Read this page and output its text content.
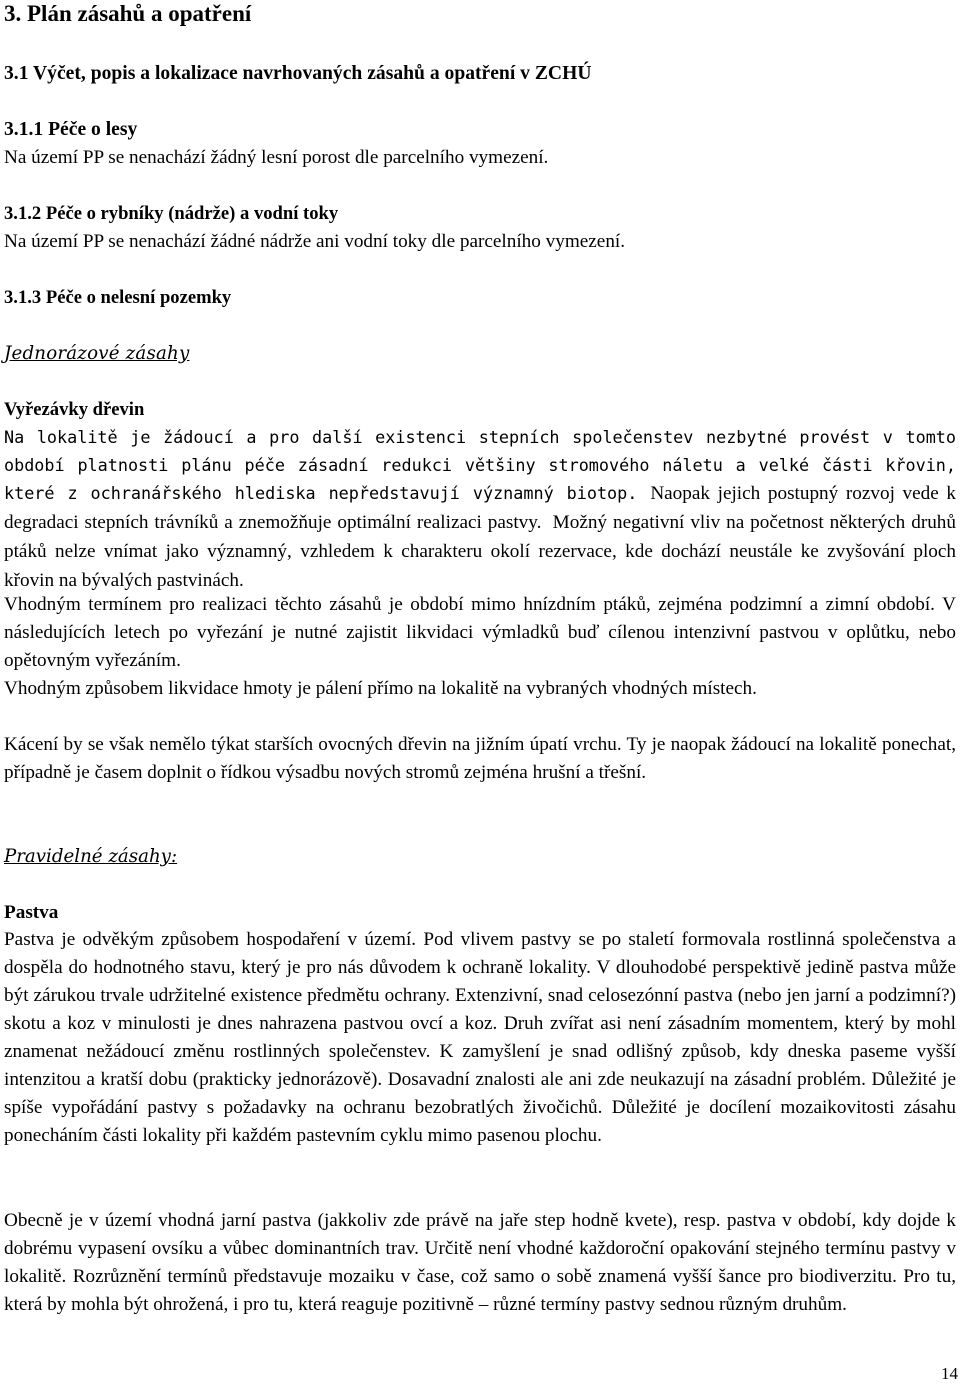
3. Plán zásahů a opatření
3.1 Výčet, popis a lokalizace navrhovaných zásahů a opatření v ZCHÚ
3.1.1 Péče o lesy
Na území PP se nenachází žádný lesní porost dle parcelního vymezení.
3.1.2 Péče o rybníky (nádrže) a vodní toky
Na území PP se nenachází žádné nádrže ani vodní toky dle parcelního vymezení.
3.1.3 Péče o nelesní pozemky
Jednorázové zásahy
Vyřezávky dřevin
Na lokalitě je žádoucí a pro další existenci stepních společenstev nezbytné provést v tomto období platnosti plánu péče zásadní redukci většiny stromového náletu a velké části křovin, které z ochranářského hlediska nepředstavují významný biotop. Naopak jejich postupný rozvoj vede k degradaci stepních trávníků a znemožňuje optimální realizaci pastvy. Možný negativní vliv na početnost některých druhů ptáků nelze vnímat jako významný, vzhledem k charakteru okolí rezervace, kde dochází neustále ke zvyšování ploch křovin na bývalých pastvinách.
Vhodným termínem pro realizaci těchto zásahů je období mimo hnízdním ptáků, zejména podzimní a zimní období. V následujících letech po vyřezání je nutné zajistit likvidaci výmladků buď cílenou intenzivní pastvou v oplůtku, nebo opětovným vyřezáním.
Vhodným způsobem likvidace hmoty je pálení přímo na lokalitě na vybraných vhodných místech.
Kácení by se však nemělo týkat starších ovocných dřevin na jižním úpatí vrchu. Ty je naopak žádoucí na lokalitě ponechat, případně je časem doplnit o řídkou výsadbu nových stromů zejména hrušní a třešní.
Pravidelné zásahy:
Pastva
Pastva je odvěkým způsobem hospodaření v území. Pod vlivem pastvy se po staletí formovala rostlinná společenstva a dospěla do hodnotného stavu, který je pro nás důvodem k ochraně lokality. V dlouhodobé perspektivě jedině pastva může být zárukou trvale udržitelné existence předmětu ochrany. Extenzivní, snad celosezónní pastva (nebo jen jarní a podzimní?) skotu a koz v minulosti je dnes nahrazena pastvou ovcí a koz. Druh zvířat asi není zásadním momentem, který by mohl znamenat nežádoucí změnu rostlinných společenstev. K zamyšlení je snad odlišný způsob, kdy dneska paseme vyšší intenzitou a kratší dobu (prakticky jednorázově). Dosavadní znalosti ale ani zde neukazují na zásadní problém. Důležité je spíše vypořádání pastvy s požadavky na ochranu bezobratlých živočichů. Důležité je docílení mozaikovitosti zásahu ponecháním části lokality při každém pastevním cyklu mimo pasenou plochu.
Obecně je v území vhodná jarní pastva (jakkoliv zde právě na jaře step hodně kvete), resp. pastva v období, kdy dojde k dobrému vypasení ovsíku a vůbec dominantních trav. Určitě není vhodné každoroční opakování stejného termínu pastvy v lokalitě. Rozrůznění termínů představuje mozaiku v čase, což samo o sobě znamená vyšší šance pro biodiverzitu. Pro tu, která by mohla být ohrožená, i pro tu, která reaguje pozitivně – různé termíny pastvy sednou různým druhům.
14
